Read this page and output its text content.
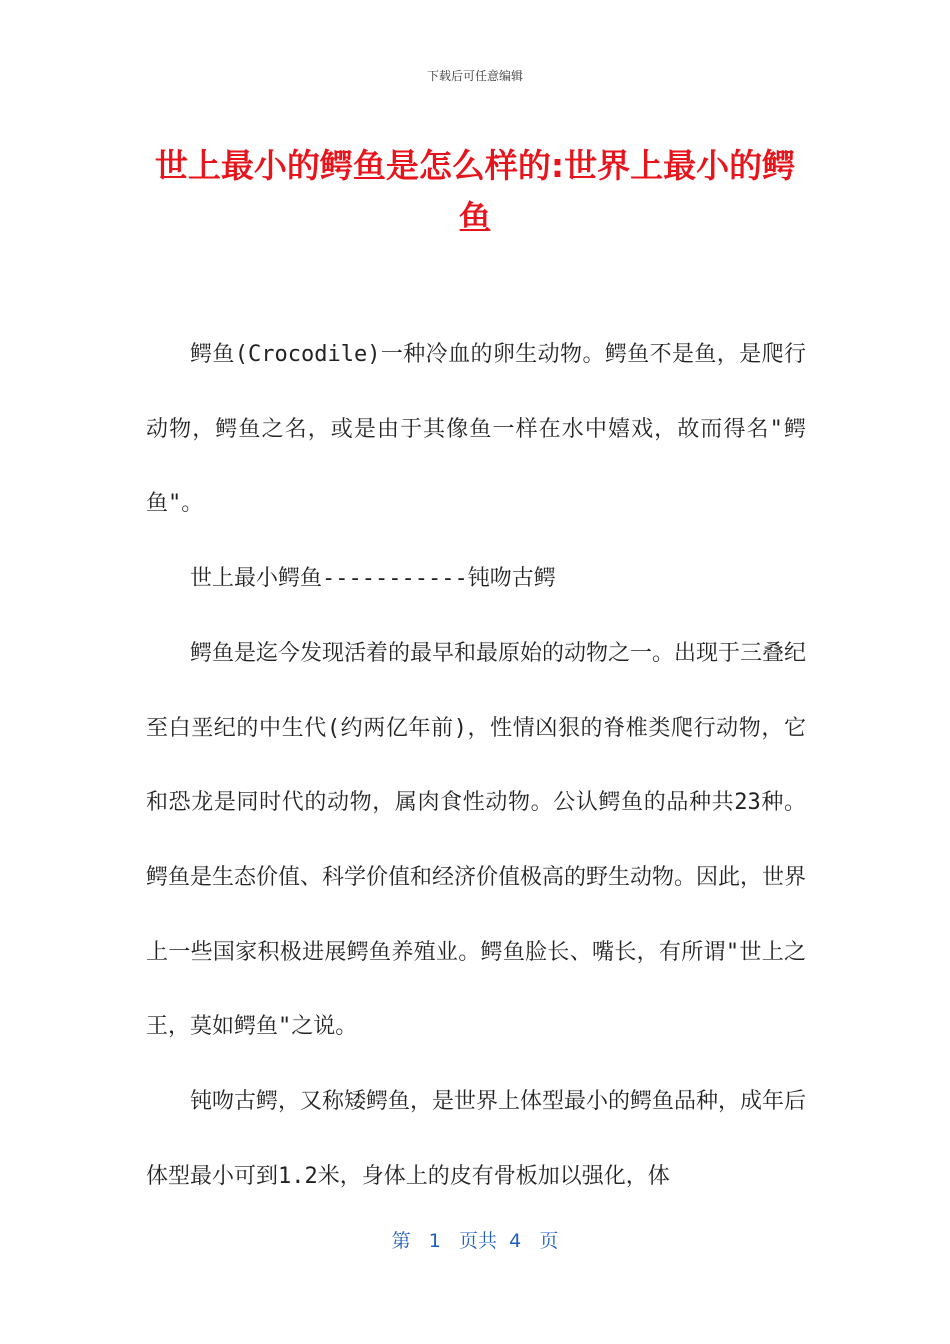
下载后可任意编辑
世上最小的鳄鱼是怎么样的:世界上最小的鳄鱼

鳄鱼(Crocodile)一种冷血的卵生动物。鳄鱼不是鱼，是爬行动物，鳄鱼之名，或是由于其像鱼一样在水中嬉戏，故而得名"鳄鱼"。

世上最小鳄鱼-----------钝吻古鳄

鳄鱼是迄今发现活着的最早和最原始的动物之一。出现于三叠纪至白垩纪的中生代(约两亿年前)，性情凶狠的脊椎类爬行动物，它和恐龙是同时代的动物，属肉食性动物。公认鳄鱼的品种共23种。鳄鱼是生态价值、科学价值和经济价值极高的野生动物。因此，世界上一些国家积极进展鳄鱼养殖业。鳄鱼脸长、嘴长，有所谓"世上之王，莫如鳄鱼"之说。

钝吻古鳄，又称矮鳄鱼，是世界上体型最小的鳄鱼品种，成年后体型最小可到1.2米，身体上的皮有骨板加以强化，体

第 1 页共 4 页
